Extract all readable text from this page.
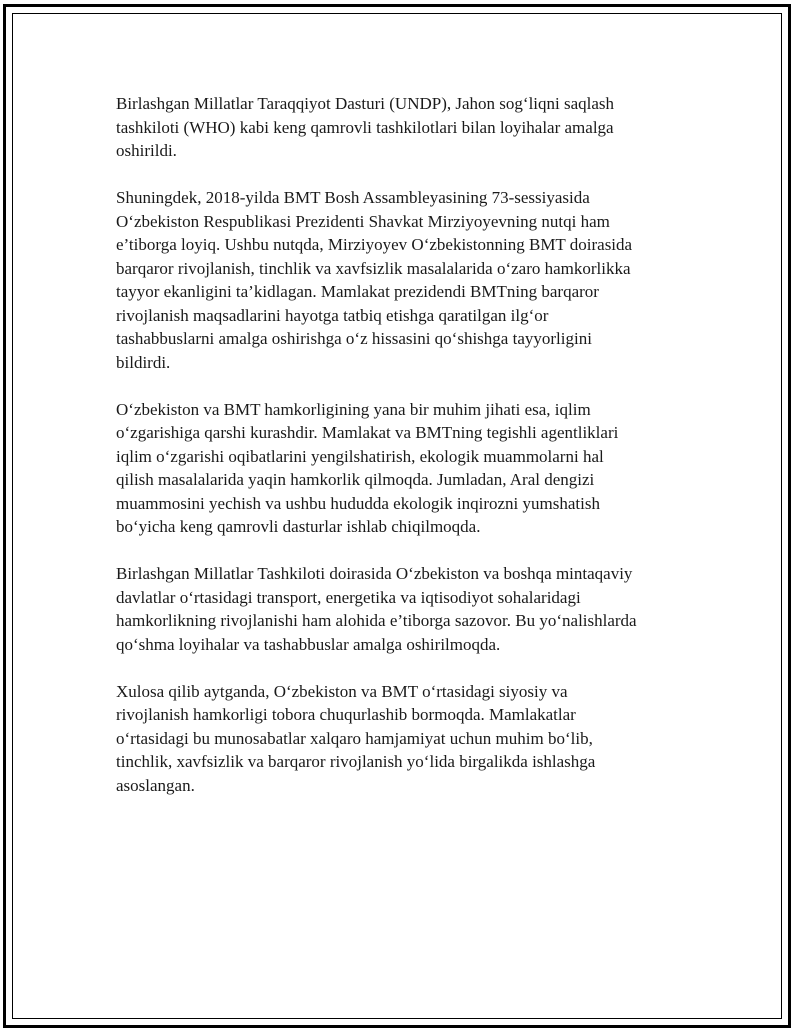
Birlashgan Millatlar Taraqqiyot Dasturi (UNDP), Jahon sog‘liqni saqlash
tashkiloti (WHO) kabi keng qamrovli tashkilotlari bilan loyihalar amalga
oshirildi.

Shuningdek, 2018-yilda BMT Bosh Assambleyasining 73-sessiyasida
O‘zbekiston Respublikasi Prezidenti Shavkat Mirziyoyevning nutqi ham
e’tiborga loyiq. Ushbu nutqda, Mirziyoyev O‘zbekistonning BMT doirasida
barqaror rivojlanish, tinchlik va xavfsizlik masalalarida o‘zaro hamkorlikka
tayyor ekanligini ta’kidlagan. Mamlakat prezidendi BMTning barqaror
rivojlanish maqsadlarini hayotga tatbiq etishga qaratilgan ilg‘or
tashabbuslarni amalga oshirishga o‘z hissasini qo‘shishga tayyorligini
bildirdi.

O‘zbekiston va BMT hamkorligining yana bir muhim jihati esa, iqlim
o‘zgarishiga qarshi kurashdir. Mamlakat va BMTning tegishli agentliklari
iqlim o‘zgarishi oqibatlarini yengilshatirish, ekologik muammolarni hal
qilish masalalarida yaqin hamkorlik qilmoqda. Jumladan, Aral dengizi
muammosini yechish va ushbu hududda ekologik inqirozni yumshatish
bo‘yicha keng qamrovli dasturlar ishlab chiqilmoqda.

Birlashgan Millatlar Tashkiloti doirasida O‘zbekiston va boshqa mintaqaviy
davlatlar o‘rtasidagi transport, energetika va iqtisodiyot sohalaridagi
hamkorlikning rivojlanishi ham alohida e’tiborga sazovor. Bu yo‘nalishlarda
qo‘shma loyihalar va tashabbuslar amalga oshirilmoqda.

Xulosa qilib aytganda, O‘zbekiston va BMT o‘rtasidagi siyosiy va
rivojlanish hamkorligi tobora chuqurlashib bormoqda. Mamlakatlar
o‘rtasidagi bu munosabatlar xalqaro hamjamiyat uchun muhim bo‘lib,
tinchlik, xavfsizlik va barqaror rivojlanish yo‘lida birgalikda ishlashga
asoslangan.
